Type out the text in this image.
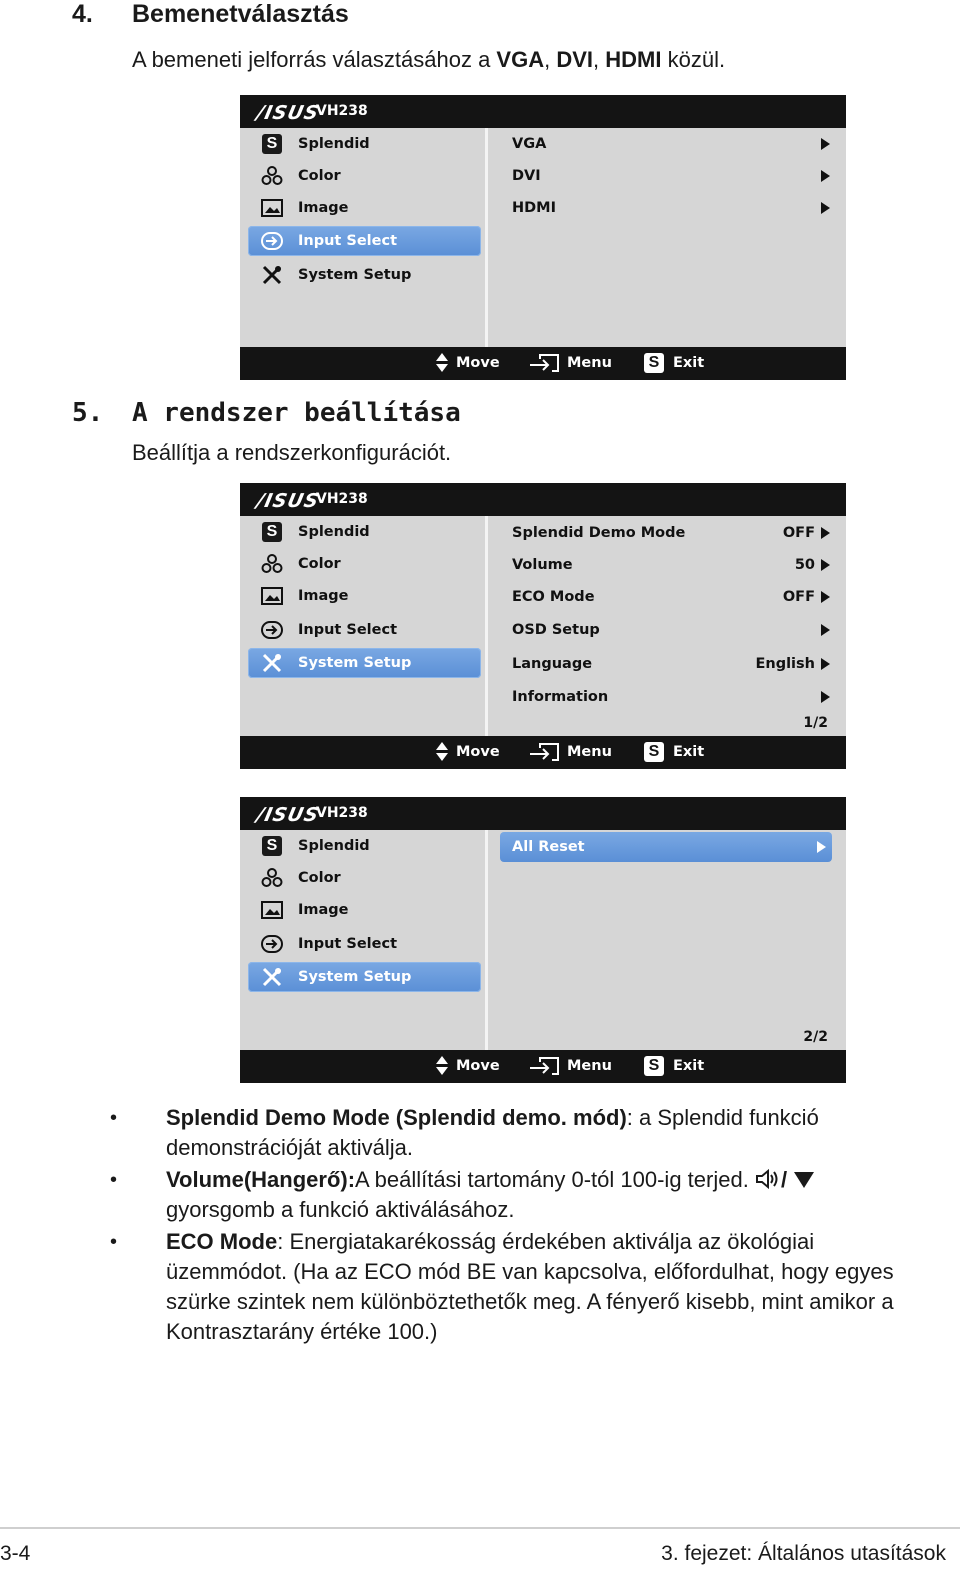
4. Bemenetválasztás
A bemeneti jelforrás választásához a VGA, DVI, HDMI közül.
/ISUS
VH238
S	Splendid
Color
Image
Input Select
System Setup
VGA
DVI
HDMI
Move	Menu S Exit
5. A rendszer beállítása
Beállítja a rendszerkonfigurációt.
/ISUS
VH238
S	Splendid
Color
Image
Input Select
System Setup
Splendid Demo Mode	OFF
Volume	50
ECO Mode	OFF
OSD Setup
Language	English
Information
1/2
Move	Menu S Exit
/ISUS
VH238
S	Splendid
Color
Image
Input Select
System Setup
All Reset
2/2
Move	Menu S Exit
• Splendid Demo Mode (Splendid demo. mód): a Splendid funkció demonstrációját aktiválja.
• Volume(Hangerő):A beállítási tartomány 0-tól 100-ig terjed. /
gyorsgomb a funkció aktiválásához.
• ECO Mode: Energiatakarékosság érdekében aktiválja az ökológiai üzemmódot. (Ha az ECO mód BE van kapcsolva, előfordulhat, hogy egyes szürke szintek nem különböztethetők meg. A fényerő kisebb, mint amikor a Kontrasztarány értéke 100.)
3-4	3. fejezet: Általános utasítások
